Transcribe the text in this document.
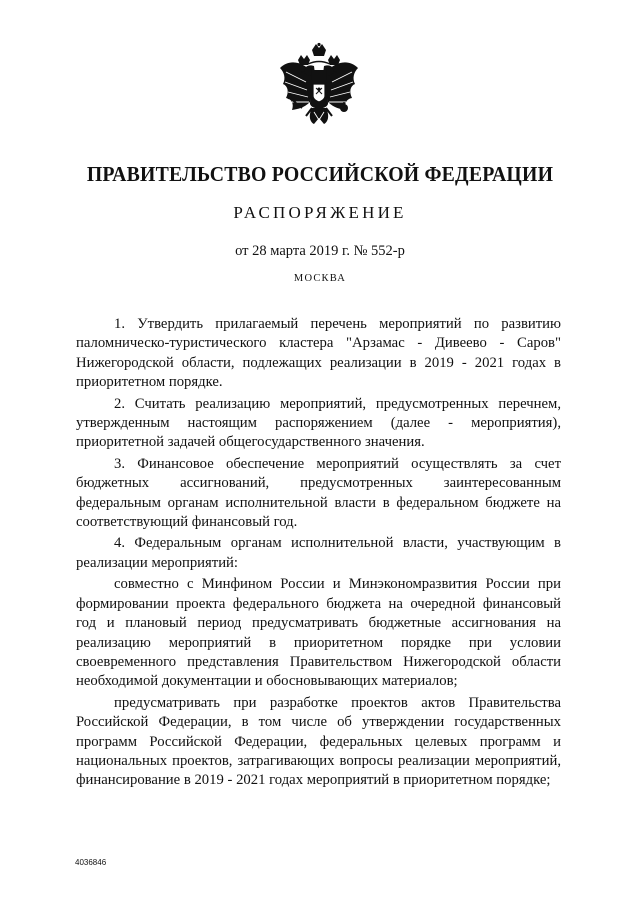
ПРАВИТЕЛЬСТВО РОССИЙСКОЙ ФЕДЕРАЦИИ
РАСПОРЯЖЕНИЕ
от 28 марта 2019 г. № 552-р
МОСКВА

1. Утвердить прилагаемый перечень мероприятий по развитию паломническо-туристического кластера "Арзамас - Дивеево - Саров" Нижегородской области, подлежащих реализации в 2019 - 2021 годах в приоритетном порядке.

2. Считать реализацию мероприятий, предусмотренных перечнем, утвержденным настоящим распоряжением (далее - мероприятия), приоритетной задачей общегосударственного значения.

3. Финансовое обеспечение мероприятий осуществлять за счет бюджетных ассигнований, предусмотренных заинтересованным федеральным органам исполнительной власти в федеральном бюджете на соответствующий финансовый год.

4. Федеральным органам исполнительной власти, участвующим в реализации мероприятий:

совместно с Минфином России и Минэкономразвития России при формировании проекта федерального бюджета на очередной финансовый год и плановый период предусматривать бюджетные ассигнования на реализацию мероприятий в приоритетном порядке при условии своевременного представления Правительством Нижегородской области необходимой документации и обосновывающих материалов;

предусматривать при разработке проектов актов Правительства Российской Федерации, в том числе об утверждении государственных программ Российской Федерации, федеральных целевых программ и национальных проектов, затрагивающих вопросы реализации мероприятий, финансирование в 2019 - 2021 годах мероприятий в приоритетном порядке;

4036846
